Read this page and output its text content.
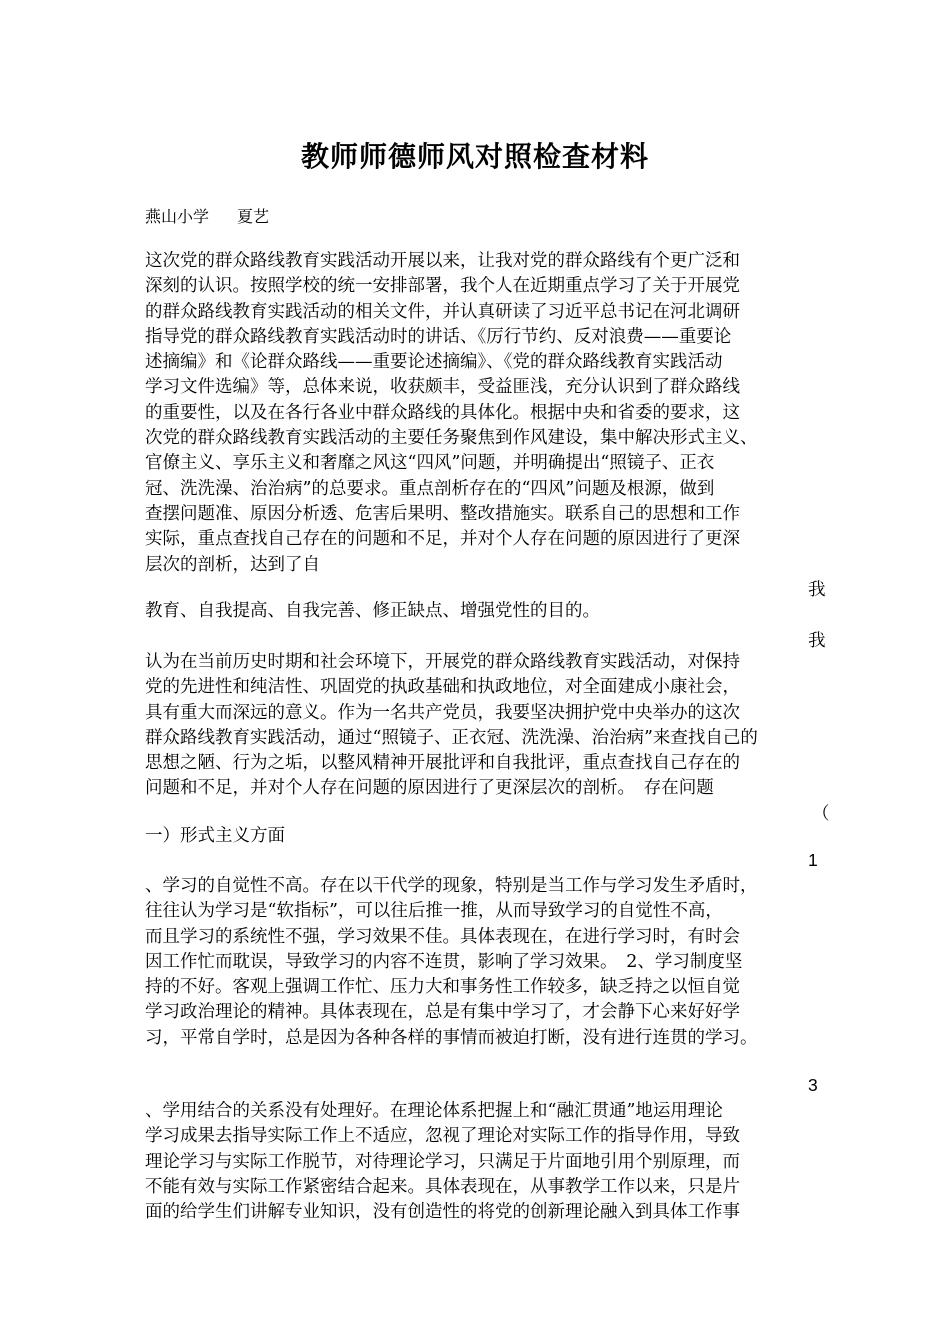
教师师德师风对照检查材料
燕山小学 夏艺
这次党的群众路线教育实践活动开展以来，让我对党的群众路线有个更广泛和
深刻的认识。按照学校的统一安排部署，我个人在近期重点学习了关于开展党
的群众路线教育实践活动的相关文件，并认真研读了习近平总书记在河北调研
指导党的群众路线教育实践活动时的讲话、《厉行节约、反对浪费——重要论
述摘编》和《论群众路线——重要论述摘编》、《党的群众路线教育实践活动
学习文件选编》等，总体来说，收获颇丰，受益匪浅，充分认识到了群众路线
的重要性，以及在各行各业中群众路线的具体化。根据中央和省委的要求，这
次党的群众路线教育实践活动的主要任务聚焦到作风建设，集中解决形式主义、
官僚主义、享乐主义和奢靡之风这“四风”问题，并明确提出“照镜子、正衣
冠、洗洗澡、治治病”的总要求。重点剖析存在的“四风”问题及根源，做到
查摆问题准、原因分析透、危害后果明、整改措施实。联系自己的思想和工作
实际，重点查找自己存在的问题和不足，并对个人存在问题的原因进行了更深
层次的剖析，达到了自
我
教育、自我提高、自我完善、修正缺点、增强党性的目的。
我
认为在当前历史时期和社会环境下，开展党的群众路线教育实践活动，对保持
党的先进性和纯洁性、巩固党的执政基础和执政地位，对全面建成小康社会，
具有重大而深远的意义。作为一名共产党员，我要坚决拥护党中央举办的这次
群众路线教育实践活动，通过“照镜子、正衣冠、洗洗澡、治治病”来查找自己的
思想之陋、行为之垢，以整风精神开展批评和自我批评，重点查找自己存在的
问题和不足，并对个人存在问题的原因进行了更深层次的剖析。　存在问题
（
一）形式主义方面
1
、学习的自觉性不高。存在以干代学的现象，特别是当工作与学习发生矛盾时，
往往认为学习是“软指标”，可以往后推一推，从而导致学习的自觉性不高，
而且学习的系统性不强，学习效果不佳。具体表现在，在进行学习时，有时会
因工作忙而耽误，导致学习的内容不连贯，影响了学习效果。　2、学习制度坚
持的不好。客观上强调工作忙、压力大和事务性工作较多，缺乏持之以恒自觉
学习政治理论的精神。具体表现在，总是有集中学习了，才会静下心来好好学
习，平常自学时，总是因为各种各样的事情而被迫打断，没有进行连贯的学习。
3
、学用结合的关系没有处理好。在理论体系把握上和“融汇贯通”地运用理论
学习成果去指导实际工作上不适应，忽视了理论对实际工作的指导作用，导致
理论学习与实际工作脱节，对待理论学习，只满足于片面地引用个别原理，而
不能有效与实际工作紧密结合起来。具体表现在，从事教学工作以来，只是片
面的给学生们讲解专业知识，没有创造性的将党的创新理论融入到具体工作事
